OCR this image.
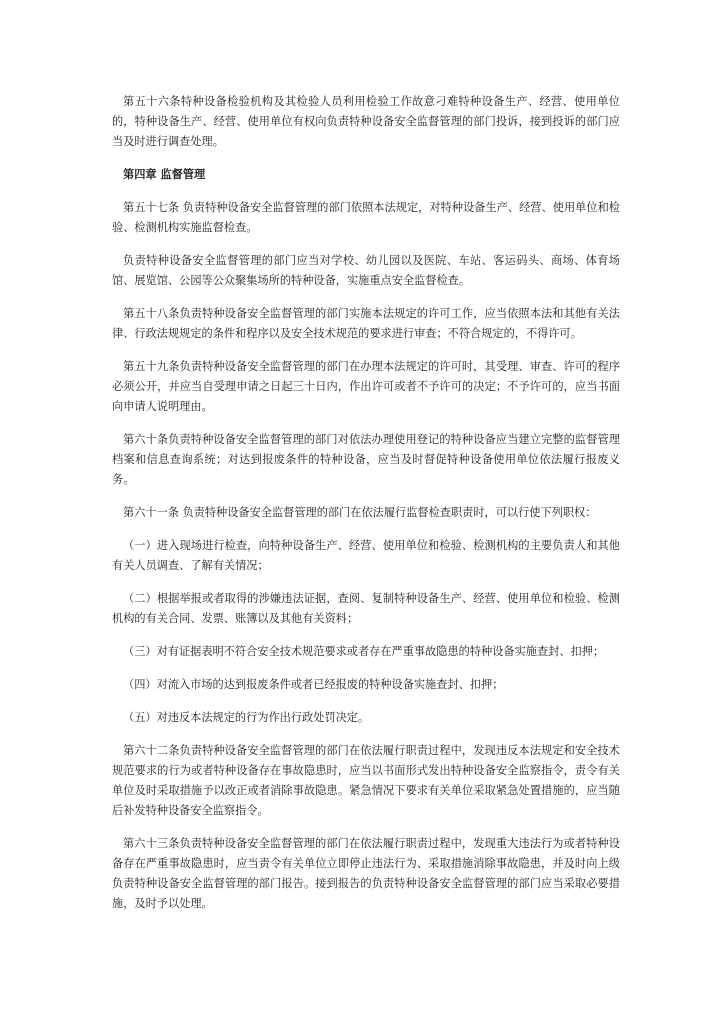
第五十六条特种设备检验机构及其检验人员利用检验工作故意刁难特种设备生产、经营、使用单位的，特种设备生产、经营、使用单位有权向负责特种设备安全监督管理的部门投诉，接到投诉的部门应当及时进行调查处理。

第四章 监督管理

第五十七条 负责特种设备安全监督管理的部门依照本法规定，对特种设备生产、经营、使用单位和检验、检测机构实施监督检查。

负责特种设备安全监督管理的部门应当对学校、幼儿园以及医院、车站、客运码头、商场、体育场馆、展览馆、公园等公众聚集场所的特种设备，实施重点安全监督检查。

第五十八条负责特种设备安全监督管理的部门实施本法规定的许可工作，应当依照本法和其他有关法律、行政法规规定的条件和程序以及安全技术规范的要求进行审查；不符合规定的，不得许可。

第五十九条负责特种设备安全监督管理的部门在办理本法规定的许可时，其受理、审查、许可的程序必须公开，并应当自受理申请之日起三十日内，作出许可或者不予许可的决定；不予许可的，应当书面向申请人说明理由。

第六十条负责特种设备安全监督管理的部门对依法办理使用登记的特种设备应当建立完整的监督管理档案和信息查询系统；对达到报废条件的特种设备，应当及时督促特种设备使用单位依法履行报废义务。

第六十一条 负责特种设备安全监督管理的部门在依法履行监督检查职责时，可以行使下列职权：

（一）进入现场进行检查，向特种设备生产、经营、使用单位和检验、检测机构的主要负责人和其他有关人员调查、了解有关情况；

（二）根据举报或者取得的涉嫌违法证据，查阅、复制特种设备生产、经营、使用单位和检验、检测机构的有关合同、发票、账簿以及其他有关资料；

（三）对有证据表明不符合安全技术规范要求或者存在严重事故隐患的特种设备实施查封、扣押；

（四）对流入市场的达到报废条件或者已经报废的特种设备实施查封、扣押；

（五）对违反本法规定的行为作出行政处罚决定。

第六十二条负责特种设备安全监督管理的部门在依法履行职责过程中，发现违反本法规定和安全技术规范要求的行为或者特种设备存在事故隐患时，应当以书面形式发出特种设备安全监察指令，责令有关单位及时采取措施予以改正或者消除事故隐患。紧急情况下要求有关单位采取紧急处置措施的，应当随后补发特种设备安全监察指令。

第六十三条负责特种设备安全监督管理的部门在依法履行职责过程中，发现重大违法行为或者特种设备存在严重事故隐患时，应当责令有关单位立即停止违法行为、采取措施消除事故隐患，并及时向上级负责特种设备安全监督管理的部门报告。接到报告的负责特种设备安全监督管理的部门应当采取必要措施，及时予以处理。
